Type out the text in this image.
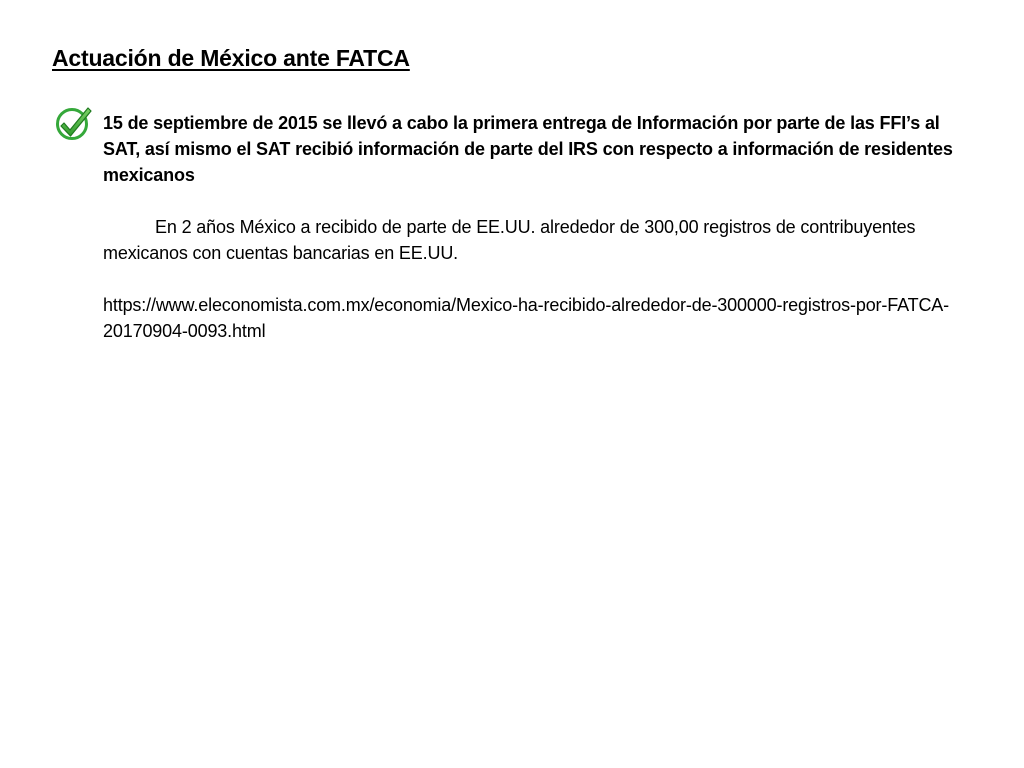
Actuación de México ante FATCA

15 de septiembre de 2015 se llevó a cabo la primera entrega de Información por parte de las FFI’s al SAT, así mismo el SAT recibió información de parte del IRS con respecto a información de residentes mexicanos

En 2 años México a recibido de parte de EE.UU. alrededor de 300,00 registros de contribuyentes mexicanos con cuentas bancarias en EE.UU.

https://www.eleconomista.com.mx/economia/Mexico-ha-recibido-alrededor-de-300000-registros-por-FATCA-20170904-0093.html
